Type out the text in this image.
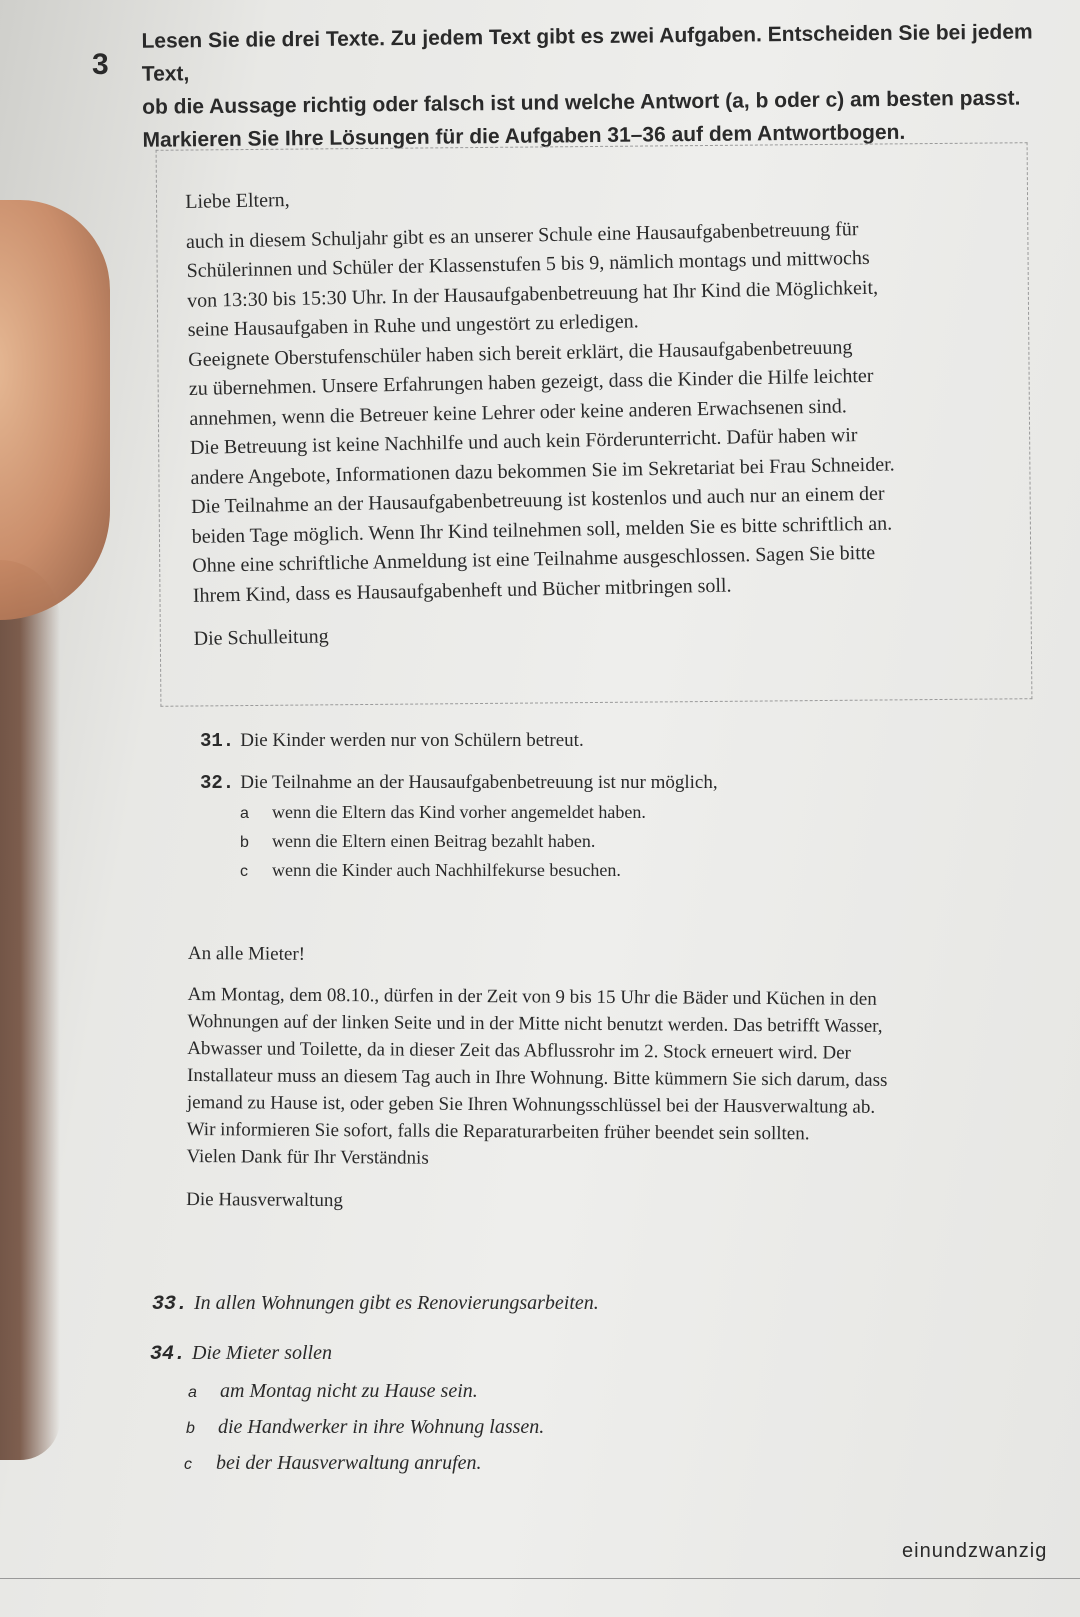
3

Lesen Sie die drei Texte. Zu jedem Text gibt es zwei Aufgaben. Entscheiden Sie bei jedem Text,

ob die Aussage richtig oder falsch ist und welche Antwort (a, b oder c) am besten passt.

Markieren Sie Ihre Lösungen für die Aufgaben 31–36 auf dem Antwortbogen.

Liebe Eltern,

auch in diesem Schuljahr gibt es an unserer Schule eine Hausaufgabenbetreuung für

Schülerinnen und Schüler der Klassenstufen 5 bis 9, nämlich montags und mittwochs

von 13:30 bis 15:30 Uhr. In der Hausaufgabenbetreuung hat Ihr Kind die Möglichkeit,

seine Hausaufgaben in Ruhe und ungestört zu erledigen.

Geeignete Oberstufenschüler haben sich bereit erklärt, die Hausaufgabenbetreuung

zu übernehmen. Unsere Erfahrungen haben gezeigt, dass die Kinder die Hilfe leichter

annehmen, wenn die Betreuer keine Lehrer oder keine anderen Erwachsenen sind.

Die Betreuung ist keine Nachhilfe und auch kein Förderunterricht. Dafür haben wir

andere Angebote, Informationen dazu bekommen Sie im Sekretariat bei Frau Schneider.

Die Teilnahme an der Hausaufgabenbetreuung ist kostenlos und auch nur an einem der

beiden Tage möglich. Wenn Ihr Kind teilnehmen soll, melden Sie es bitte schriftlich an.

Ohne eine schriftliche Anmeldung ist eine Teilnahme ausgeschlossen. Sagen Sie bitte

Ihrem Kind, dass es Hausaufgabenheft und Bücher mitbringen soll.

Die Schulleitung

31. Die Kinder werden nur von Schülern betreut.
32. Die Teilnahme an der Hausaufgabenbetreuung ist nur möglich,
a wenn die Eltern das Kind vorher angemeldet haben.
b wenn die Eltern einen Beitrag bezahlt haben.
c wenn die Kinder auch Nachhilfekurse besuchen.

An alle Mieter!

Am Montag, dem 08.10., dürfen in der Zeit von 9 bis 15 Uhr die Bäder und Küchen in den

Wohnungen auf der linken Seite und in der Mitte nicht benutzt werden. Das betrifft Wasser,

Abwasser und Toilette, da in dieser Zeit das Abflussrohr im 2. Stock erneuert wird. Der

Installateur muss an diesem Tag auch in Ihre Wohnung. Bitte kümmern Sie sich darum, dass

jemand zu Hause ist, oder geben Sie Ihren Wohnungsschlüssel bei der Hausverwaltung ab.

Wir informieren Sie sofort, falls die Reparaturarbeiten früher beendet sein sollten.

Vielen Dank für Ihr Verständnis

Die Hausverwaltung

33. In allen Wohnungen gibt es Renovierungsarbeiten.
34. Die Mieter sollen
a am Montag nicht zu Hause sein.
b die Handwerker in ihre Wohnung lassen.
c bei der Hausverwaltung anrufen.
einundzwanzig
